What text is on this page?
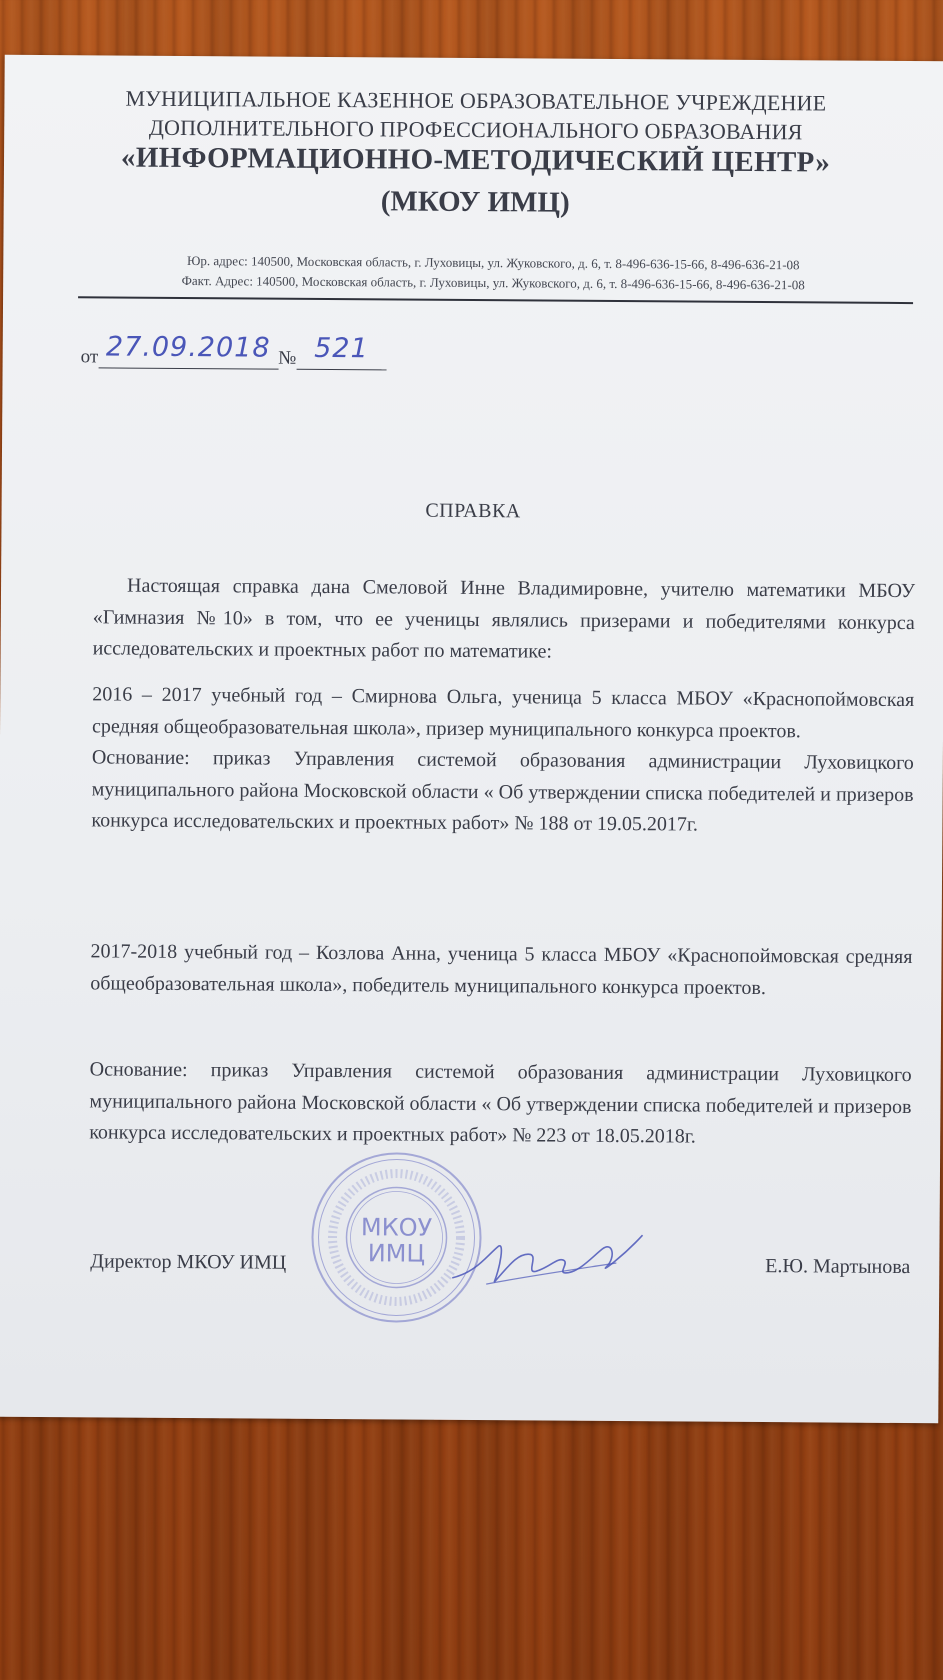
МУНИЦИПАЛЬНОЕ КАЗЕННОЕ ОБРАЗОВАТЕЛЬНОЕ УЧРЕЖДЕНИЕ
ДОПОЛНИТЕЛЬНОГО ПРОФЕССИОНАЛЬНОГО ОБРАЗОВАНИЯ
«ИНФОРМАЦИОННО-МЕТОДИЧЕСКИЙ ЦЕНТР»
(МКОУ ИМЦ)
Юр. адрес: 140500, Московская область, г. Луховицы, ул. Жуковского, д. 6, т. 8-496-636-15-66, 8-496-636-21-08
Факт. Адрес: 140500, Московская область, г. Луховицы, ул. Жуковского, д. 6, т. 8-496-636-15-66, 8-496-636-21-08
от 27.09.2018 № 521
СПРАВКА
Настоящая справка дана Смеловой Инне Владимировне, учителю математики МБОУ «Гимназия №10» в том, что ее ученицы являлись призерами и победителями конкурса исследовательских и проектных работ по математике:
2016 – 2017 учебный год – Смирнова Ольга, ученица 5 класса МБОУ «Краснопоймовская средняя общеобразовательная школа», призер муниципального конкурса проектов.
Основание: приказ Управления системой образования администрации Луховицкого муниципального района Московской области « Об утверждении списка победителей и призеров конкурса исследовательских и проектных работ» № 188 от 19.05.2017г.
2017-2018 учебный год – Козлова Анна, ученица 5 класса МБОУ «Краснопоймовская средняя общеобразовательная школа», победитель муниципального конкурса проектов.
Основание: приказ Управления системой образования администрации Луховицкого муниципального района Московской области « Об утверждении списка победителей и призеров конкурса исследовательских и проектных работ» № 223 от 18.05.2018г.
МКОУ
ИМЦ
Директор МКОУ ИМЦ	Е.Ю. Мартынова
